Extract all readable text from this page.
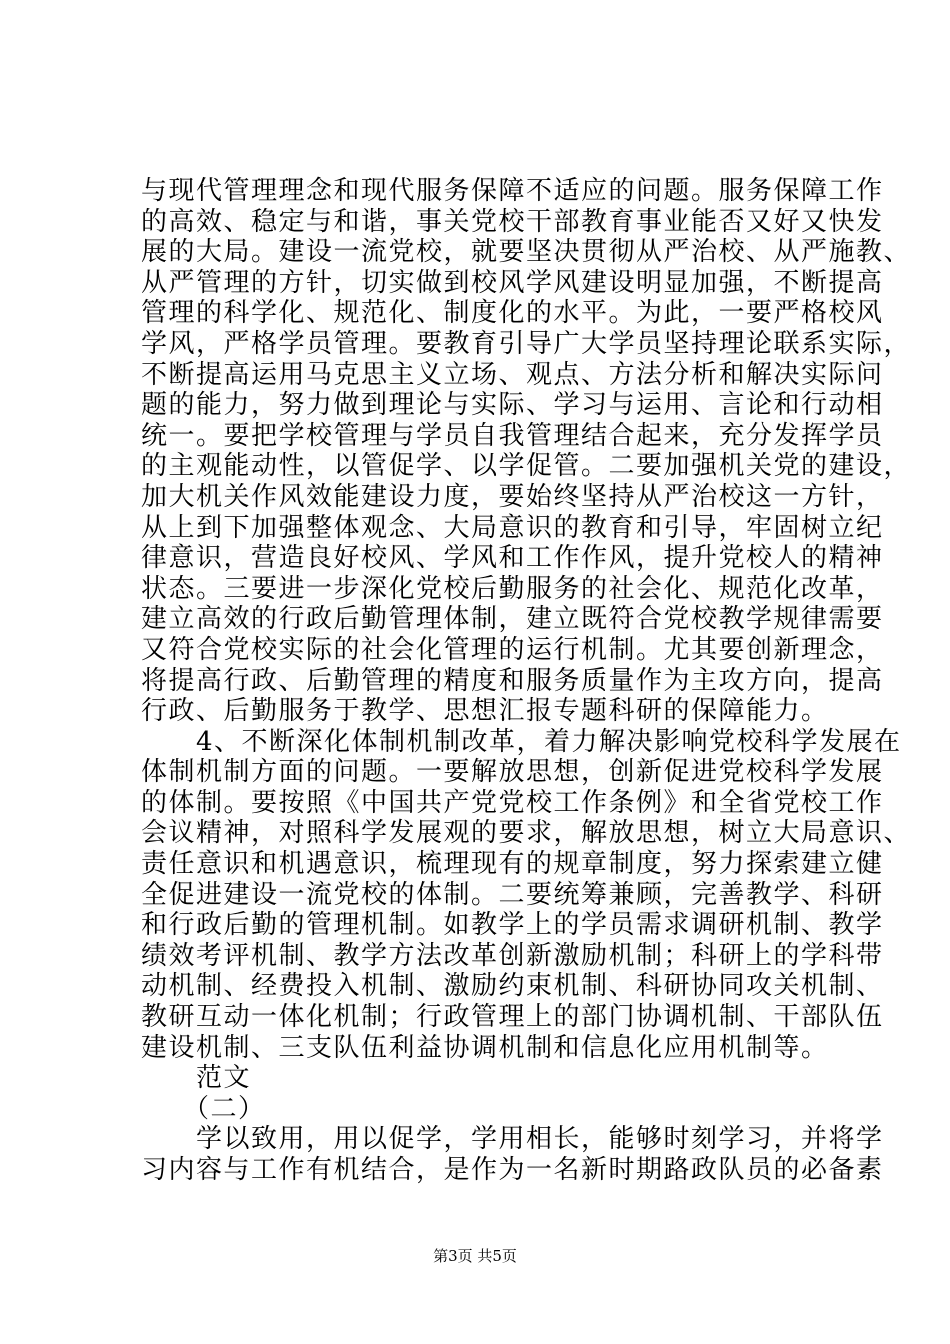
与现代管理理念和现代服务保障不适应的问题。服务保障工作
的高效、稳定与和谐，事关党校干部教育事业能否又好又快发
展的大局。建设一流党校，就要坚决贯彻从严治校、从严施教、
从严管理的方针，切实做到校风学风建设明显加强，不断提高
管理的科学化、规范化、制度化的水平。为此，一要严格校风
学风，严格学员管理。要教育引导广大学员坚持理论联系实际，
不断提高运用马克思主义立场、观点、方法分析和解决实际问
题的能力，努力做到理论与实际、学习与运用、言论和行动相
统一。要把学校管理与学员自我管理结合起来，充分发挥学员
的主观能动性，以管促学、以学促管。二要加强机关党的建设，
加大机关作风效能建设力度，要始终坚持从严治校这一方针，
从上到下加强整体观念、大局意识的教育和引导，牢固树立纪
律意识，营造良好校风、学风和工作作风，提升党校人的精神
状态。三要进一步深化党校后勤服务的社会化、规范化改革，
建立高效的行政后勤管理体制，建立既符合党校教学规律需要
又符合党校实际的社会化管理的运行机制。尤其要创新理念，
将提高行政、后勤管理的精度和服务质量作为主攻方向，提高
行政、后勤服务于教学、思想汇报专题科研的保障能力。
　　4、不断深化体制机制改革，着力解决影响党校科学发展在
体制机制方面的问题。一要解放思想，创新促进党校科学发展
的体制。要按照《中国共产党党校工作条例》和全省党校工作
会议精神，对照科学发展观的要求，解放思想，树立大局意识、
责任意识和机遇意识，梳理现有的规章制度，努力探索建立健
全促进建设一流党校的体制。二要统筹兼顾，完善教学、科研
和行政后勤的管理机制。如教学上的学员需求调研机制、教学
绩效考评机制、教学方法改革创新激励机制；科研上的学科带
动机制、经费投入机制、激励约束机制、科研协同攻关机制、
教研互动一体化机制；行政管理上的部门协调机制、干部队伍
建设机制、三支队伍利益协调机制和信息化应用机制等。
　　范文
　　（二）
　　学以致用，用以促学，学用相长，能够时刻学习，并将学
习内容与工作有机结合，是作为一名新时期路政队员的必备素
第3页 共5页
